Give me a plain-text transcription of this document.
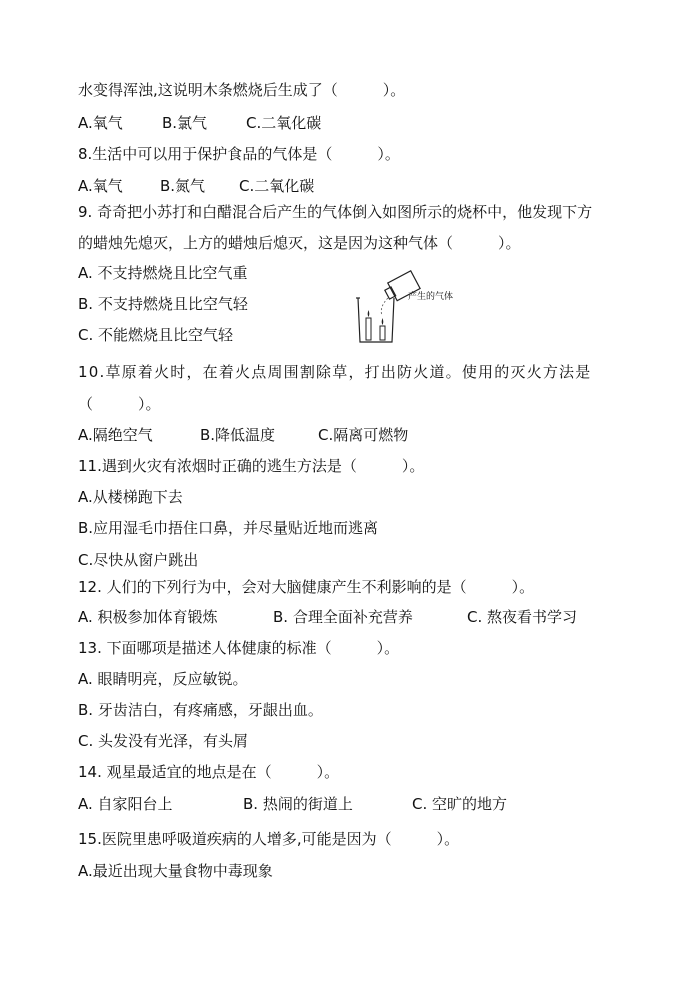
水变得浑浊,这说明木条燃烧后生成了（　　　）。
A.氧气	B.氯气	C.二氧化碳
8.生活中可以用于保护食品的气体是（　　　）。
A.氧气 B.氮气 C.二氧化碳
9. 奇奇把小苏打和白醋混合后产生的气体倒入如图所示的烧杯中，他发现下方
的蜡烛先熄灭，上方的蜡烛后熄灭，这是因为这种气体（　　　）。
A. 不支持燃烧且比空气重
B. 不支持燃烧且比空气轻
C. 不能燃烧且比空气轻
产生的气体
10.草原着火时，在着火点周围割除草，打出防火道。使用的灭火方法是
（　　　）。
A.隔绝空气	B.降低温度	C.隔离可燃物
11.遇到火灾有浓烟时正确的逃生方法是（　　　）。
A.从楼梯跑下去
B.应用湿毛巾捂住口鼻，并尽量贴近地而逃离
C.尽快从窗户跳出
12. 人们的下列行为中，会对大脑健康产生不利影响的是（　　　）。
A. 积极参加体育锻炼	B. 合理全面补充营养	C. 熬夜看书学习
13. 下面哪项是描述人体健康的标准（　　　）。
A. 眼睛明亮，反应敏锐。
B. 牙齿洁白，有疼痛感，牙龈出血。
C. 头发没有光泽，有头屑
14. 观星最适宜的地点是在（　　　）。
A. 自家阳台上	B. 热闹的街道上	C. 空旷的地方
15.医院里患呼吸道疾病的人增多,可能是因为（　　　）。
A.最近出现大量食物中毒现象
